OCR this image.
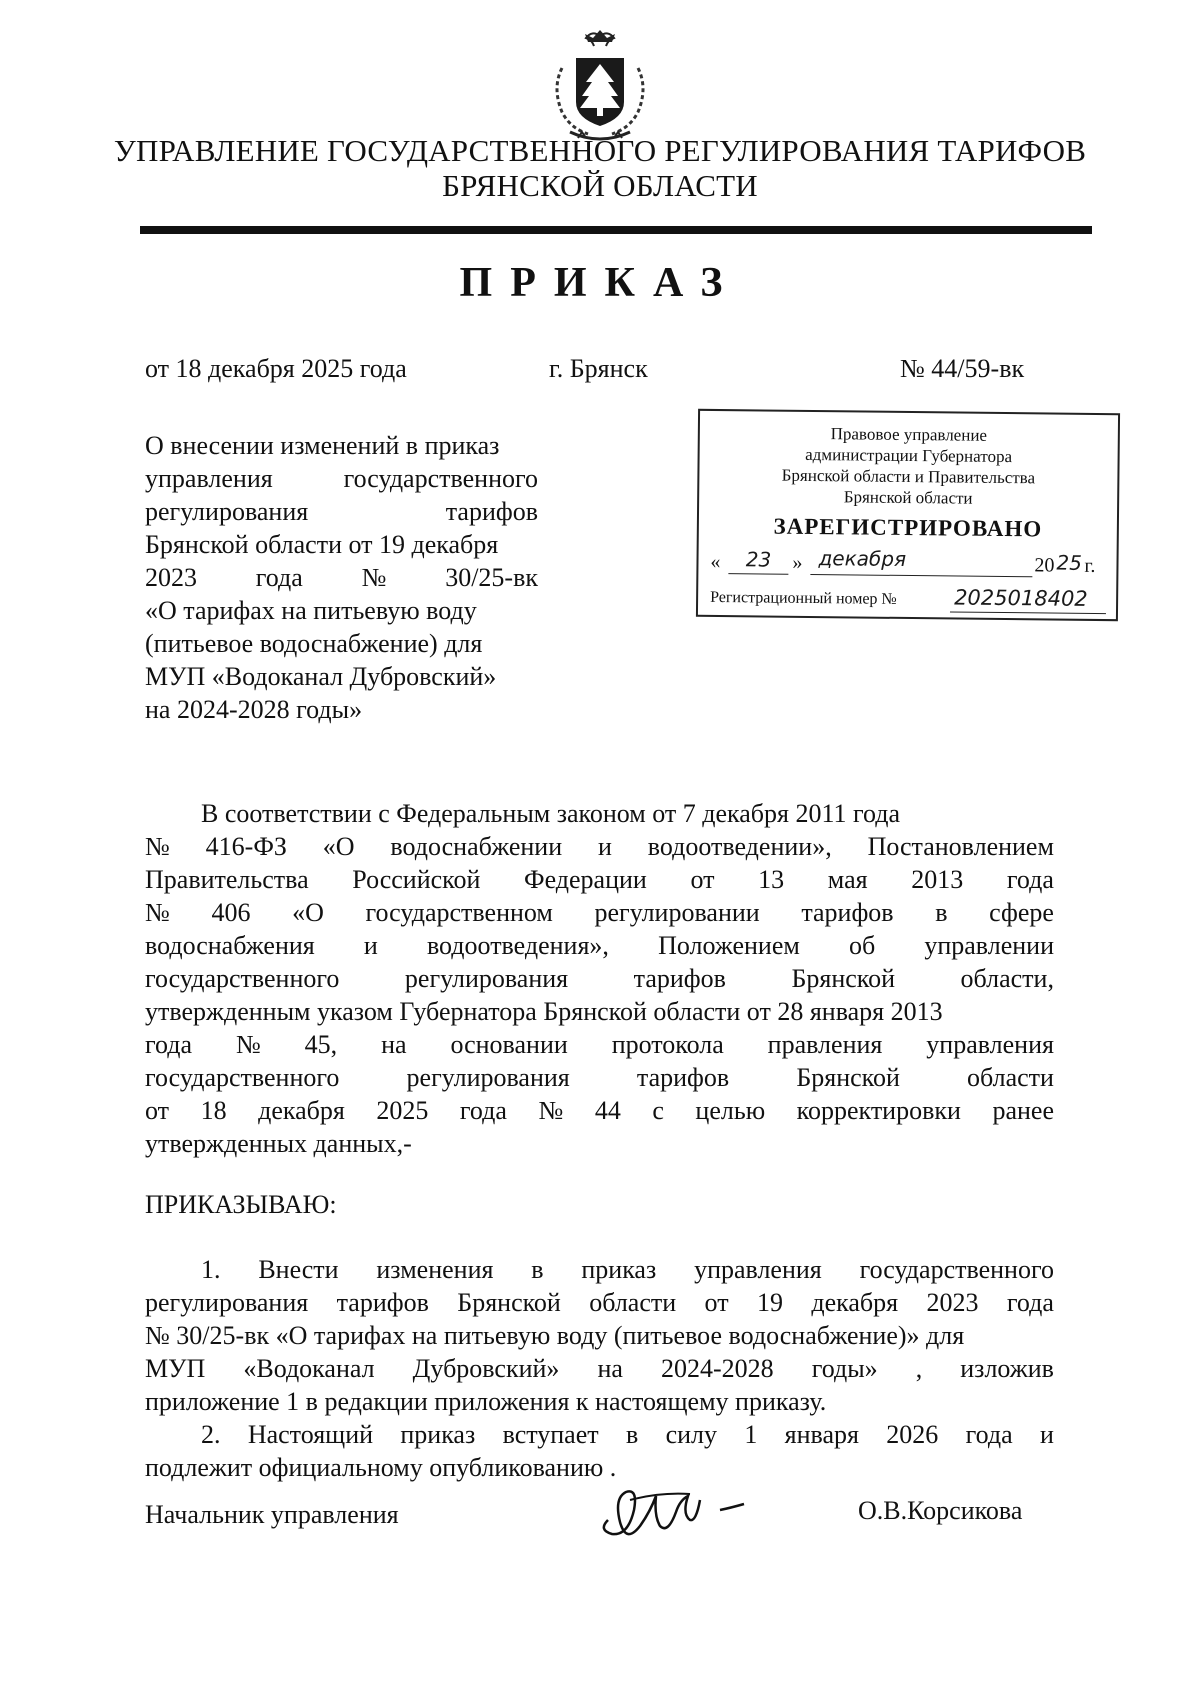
УПРАВЛЕНИЕ ГОСУДАРСТВЕННОГО РЕГУЛИРОВАНИЯ ТАРИФОВ
БРЯНСКОЙ ОБЛАСТИ
ПРИКАЗ
от 18 декабря 2025 года	г. Брянск	№ 44/59-вк
О внесении изменений в приказ
управления	государственного
регулирования	тарифов
Брянской области от 19 декабря
2023 года № 30/25-вк
«О тарифах на питьевую воду
(питьевое водоснабжение) для
МУП «Водоканал Дубровский»
на 2024-2028 годы»
Правовое управление
администрации Губернатора
Брянской области и Правительства
Брянской области
ЗАРЕГИСТРИРОВАНО
«	23	» декабря	20 25 г.
Регистрационный номер №	2025018402
В соответствии с Федеральным законом от 7 декабря 2011 года
№ 416-ФЗ «О водоснабжении и водоотведении», Постановлением
Правительства Российской Федерации от 13 мая 2013 года
№ 406 «О государственном регулировании тарифов в сфере
водоснабжения и водоотведения», Положением об управлении
государственного	регулирования	тарифов	Брянской	области,
утвержденным указом Губернатора Брянской области от 28 января 2013
года № 45, на основании протокола правления управления
государственного	регулирования	тарифов	Брянской	области
от 18 декабря 2025 года № 44 с целью корректировки ранее
утвержденных данных,-
ПРИКАЗЫВАЮ:
1. Внести изменения в приказ управления государственного
регулирования тарифов Брянской области от 19 декабря 2023 года
№ 30/25-вк «О тарифах на питьевую воду (питьевое водоснабжение)» для
МУП «Водоканал Дубровский» на 2024-2028 годы» , изложив
приложение 1 в редакции приложения к настоящему приказу.
2. Настоящий приказ вступает в силу 1 января 2026 года и
подлежит официальному опубликованию .
Начальник управления	О.В.Корсикова
